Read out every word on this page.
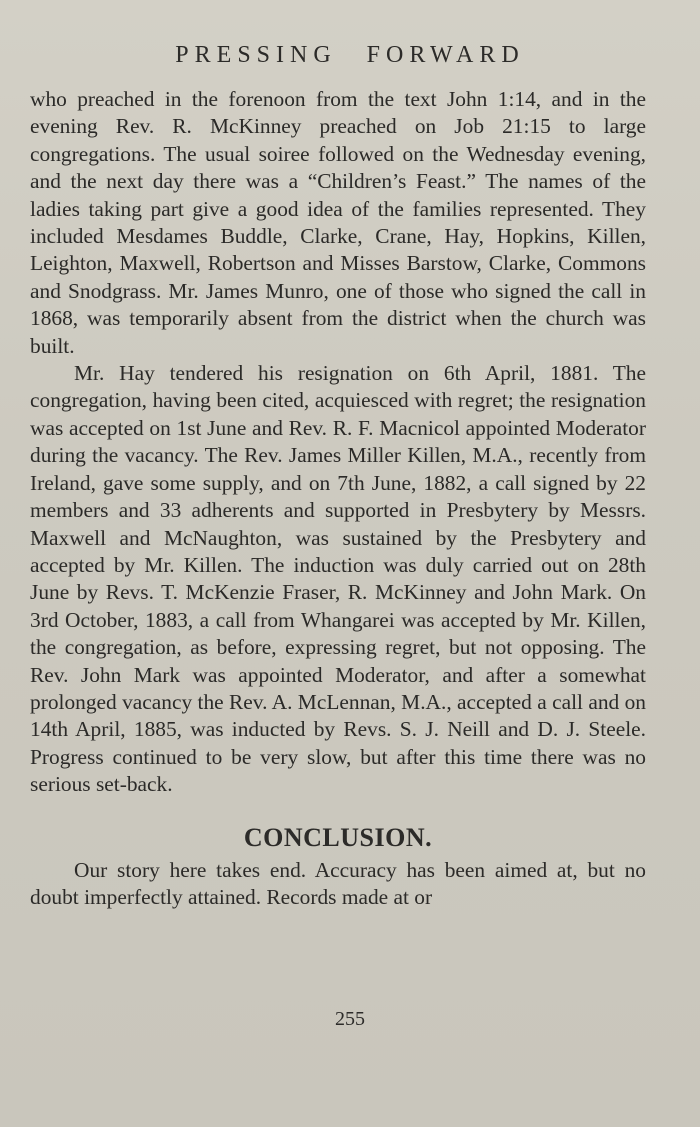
PRESSING FORWARD

who preached in the forenoon from the text John 1:14, and in the evening Rev. R. McKinney preached on Job 21:15 to large congregations. The usual soiree followed on the Wednesday evening, and the next day there was a “Children’s Feast.” The names of the ladies taking part give a good idea of the families represented. They included Mesdames Buddle, Clarke, Crane, Hay, Hopkins, Killen, Leighton, Maxwell, Robertson and Misses Barstow, Clarke, Commons and Snodgrass. Mr. James Munro, one of those who signed the call in 1868, was temporarily absent from the district when the church was built.

Mr. Hay tendered his resignation on 6th April, 1881. The congregation, having been cited, acquiesced with regret; the resignation was accepted on 1st June and Rev. R. F. Macnicol appointed Moderator during the vacancy. The Rev. James Miller Killen, M.A., recently from Ireland, gave some supply, and on 7th June, 1882, a call signed by 22 members and 33 adherents and supported in Presbytery by Messrs. Maxwell and McNaughton, was sustained by the Presbytery and accepted by Mr. Killen. The induction was duly carried out on 28th June by Revs. T. McKenzie Fraser, R. McKinney and John Mark. On 3rd October, 1883, a call from Whangarei was accepted by Mr. Killen, the congregation, as before, expressing regret, but not opposing. The Rev. John Mark was appointed Moderator, and after a somewhat prolonged vacancy the Rev. A. McLennan, M.A., accepted a call and on 14th April, 1885, was inducted by Revs. S. J. Neill and D. J. Steele. Progress continued to be very slow, but after this time there was no serious set-back.

CONCLUSION.

Our story here takes end. Accuracy has been aimed at, but no doubt imperfectly attained. Records made at or

255
